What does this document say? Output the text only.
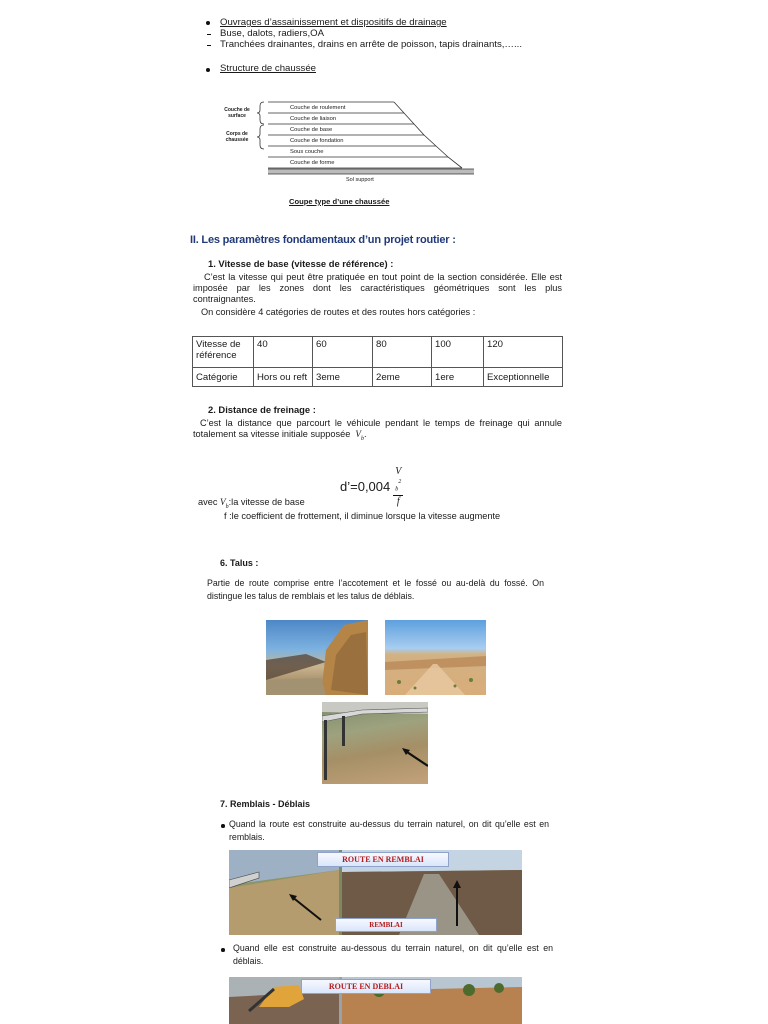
Ouvrages d’assainissement et dispositifs de drainage
Buse, dalots, radiers,OA
Tranchées drainantes, drains en arrête de poisson, tapis drainants,…...
Structure de chaussée
Couche de surface
Corps de chaussée
Couche de roulement
Couche de liaison
Couche de base
Couche de fondation
Sous couche
Couche de forme
Sol support
Coupe type d’une chaussée
II. Les paramètres fondamentaux d’un projet routier :
1. Vitesse de base (vitesse de référence) :
C’est la vitesse qui peut être pratiquée en tout point de la section considérée. Elle est imposée par les zones dont les caractéristiques géométriques sont les plus contraignantes.
On considère 4 catégories de routes et des routes hors catégories :
Vitesse de référence	40	60	80	100	120
Catégorie	Hors ou reft	3eme	2eme	1ere	Exceptionnelle
2. Distance de freinage :
C’est la distance que parcourt le véhicule pendant le temps de freinage qui annule totalement sa vitesse initiale supposée $V_b$.
d’=0,004 V
$_b^2$
f
avec $V_b:la$ vitesse de base
f :le coefficient de frottement, il diminue lorsque la vitesse augmente
6. Talus :
Partie de route comprise entre l’accotement et le fossé ou au-delà du fossé. On distingue les talus de remblais et les talus de déblais.
7. Remblais - Déblais
Quand la route est construite au-dessus du terrain naturel, on dit qu’elle est en remblais.
ROUTE EN REMBLAI
REMBLAI
Quand elle est construite au-dessous du terrain naturel, on dit qu’elle est en déblais.
ROUTE EN DEBLAI
